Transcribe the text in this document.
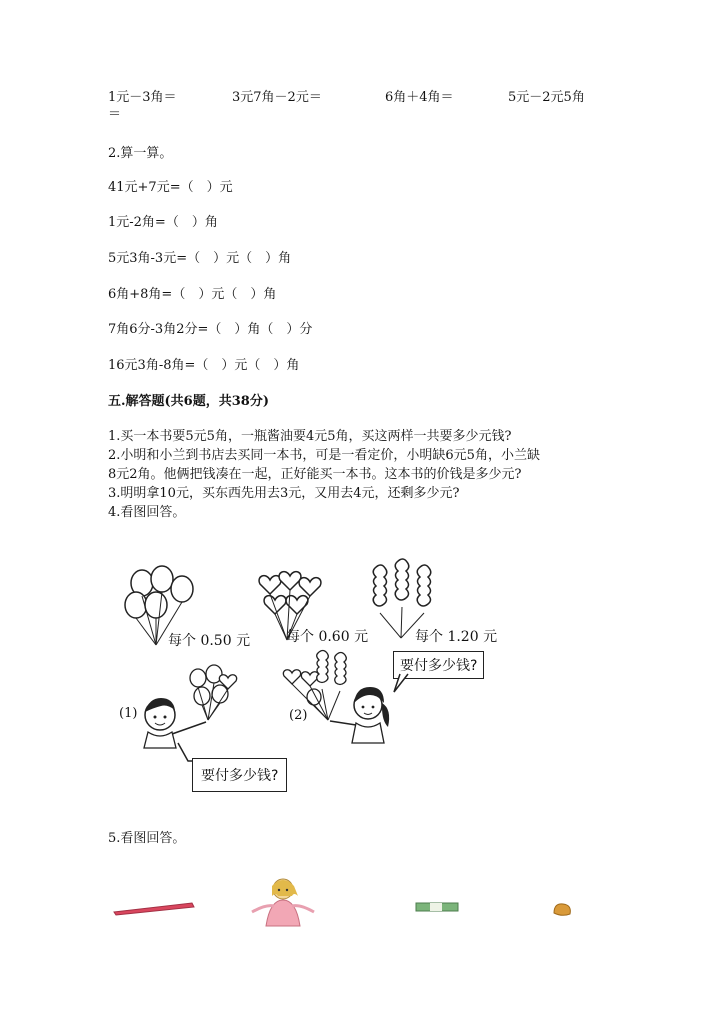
1元－3角＝	3元7角－2元＝	6角＋4角＝	5元－2元5角
＝
2.算一算。
41元+7元=（　）元
1元-2角=（　）角
5元3角-3元=（　）元（　）角
6角+8角=（　）元（　）角
7角6分-3角2分=（　）角（　）分
16元3角-8角=（　）元（　）角
五.解答题(共6题，共38分)
1.买一本书要5元5角，一瓶酱油要4元5角，买这两样一共要多少元钱?
2.小明和小兰到书店去买同一本书，可是一看定价，小明缺6元5角，小兰缺
8元2角。他俩把钱凑在一起，正好能买一本书。这本书的价钱是多少元?
3.明明拿10元，买东西先用去3元，又用去4元，还剩多少元?
4.看图回答。
每个 0.50 元	每个 0.60 元	每个 1.20 元
要付多少钱?
(1)
要付多少钱?
(2)
5.看图回答。
